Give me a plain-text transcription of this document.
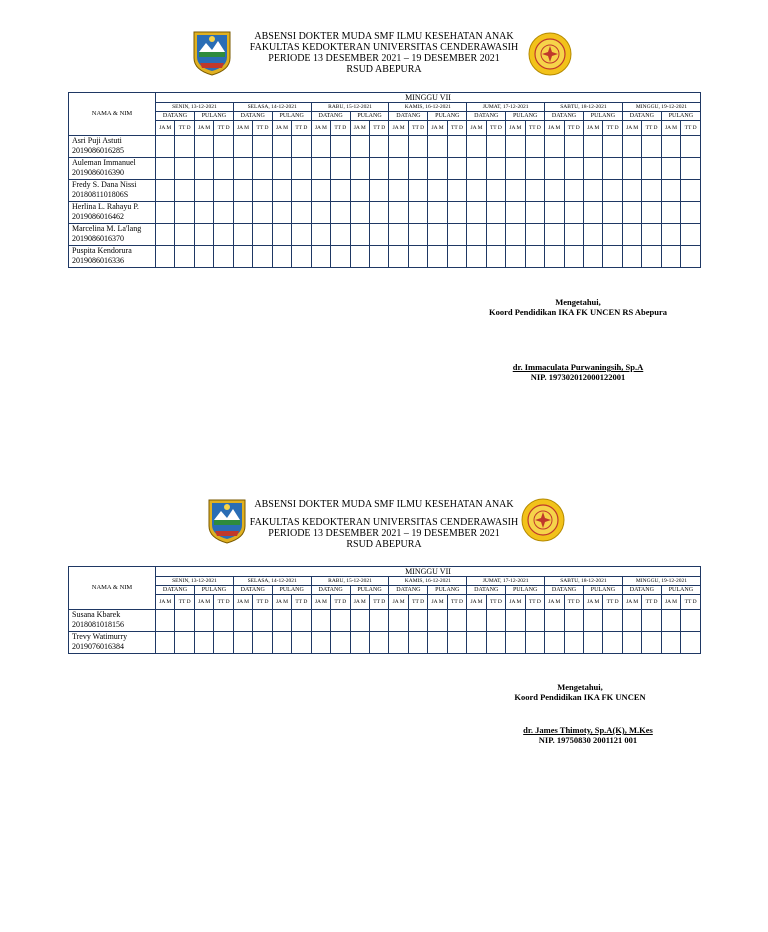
ABSENSI DOKTER MUDA SMF ILMU KESEHATAN ANAK
FAKULTAS KEDOKTERAN UNIVERSITAS CENDERAWASIH
PERIODE 13 DESEMBER 2021 – 19 DESEMBER 2021
RSUD ABEPURA
NAMA & NIM	MINGGU VII																											
	SENIN, 13-12-2021				SELASA, 14-12-2021				RABU, 15-12-2021				KAMIS, 16-12-2021				JUMAT, 17-12-2021				SABTU, 18-12-2021				MINGGU, 19-12-2021			
	DATANG		PULANG		DATANG		PULANG		DATANG		PULANG		DATANG		PULANG		DATANG		PULANG		DATANG		PULANG		DATANG		PULANG	
	JA M	TT D	JA M	TT D	JA M	TT D	JA M	TT D	JA M	TT D	JA M	TT D	JA M	TT D	JA M	TT D	JA M	TT D	JA M	TT D	JA M	TT D	JA M	TT D	JA M	TT D	JA M	TT D

Asri Puji Astuti
2019086016285																												

Auleman Immanuel
2019086016390																												

Fredy S. Dana Nissi
2018081101806S																												

Herlina L. Rahayu P.
2019086016462																												

Marcelina M. La'lang
2019086016370																												

Puspita Kendorura
2019086016336																												

Mengetahui,
Koord Pendidikan IKA FK UNCEN RS Abepura
dr. Immaculata Purwaningsih, Sp.A
NIP. 197302012000122001
ABSENSI DOKTER MUDA SMF ILMU KESEHATAN ANAK
FAKULTAS KEDOKTERAN UNIVERSITAS CENDERAWASIH
PERIODE 13 DESEMBER 2021 – 19 DESEMBER 2021
RSUD ABEPURA
NAMA & NIM	MINGGU VII																											
	SENIN, 13-12-2021				SELASA, 14-12-2021				RABU, 15-12-2021				KAMIS, 16-12-2021				JUMAT, 17-12-2021				SABTU, 18-12-2021				MINGGU, 19-12-2021			
	DATANG		PULANG		DATANG		PULANG		DATANG		PULANG		DATANG		PULANG		DATANG		PULANG		DATANG		PULANG		DATANG		PULANG	
	JA M	TT D	JA M	TT D	JA M	TT D	JA M	TT D	JA M	TT D	JA M	TT D	JA M	TT D	JA M	TT D	JA M	TT D	JA M	TT D	JA M	TT D	JA M	TT D	JA M	TT D	JA M	TT D

Susana Kbarek
2018081018156																												

Trevy Watimurry
2019076016384																												

Mengetahui,
Koord Pendidikan IKA FK UNCEN
dr. James Thimoty, Sp.A(K), M.Kes
NIP. 19750830 2001121 001
